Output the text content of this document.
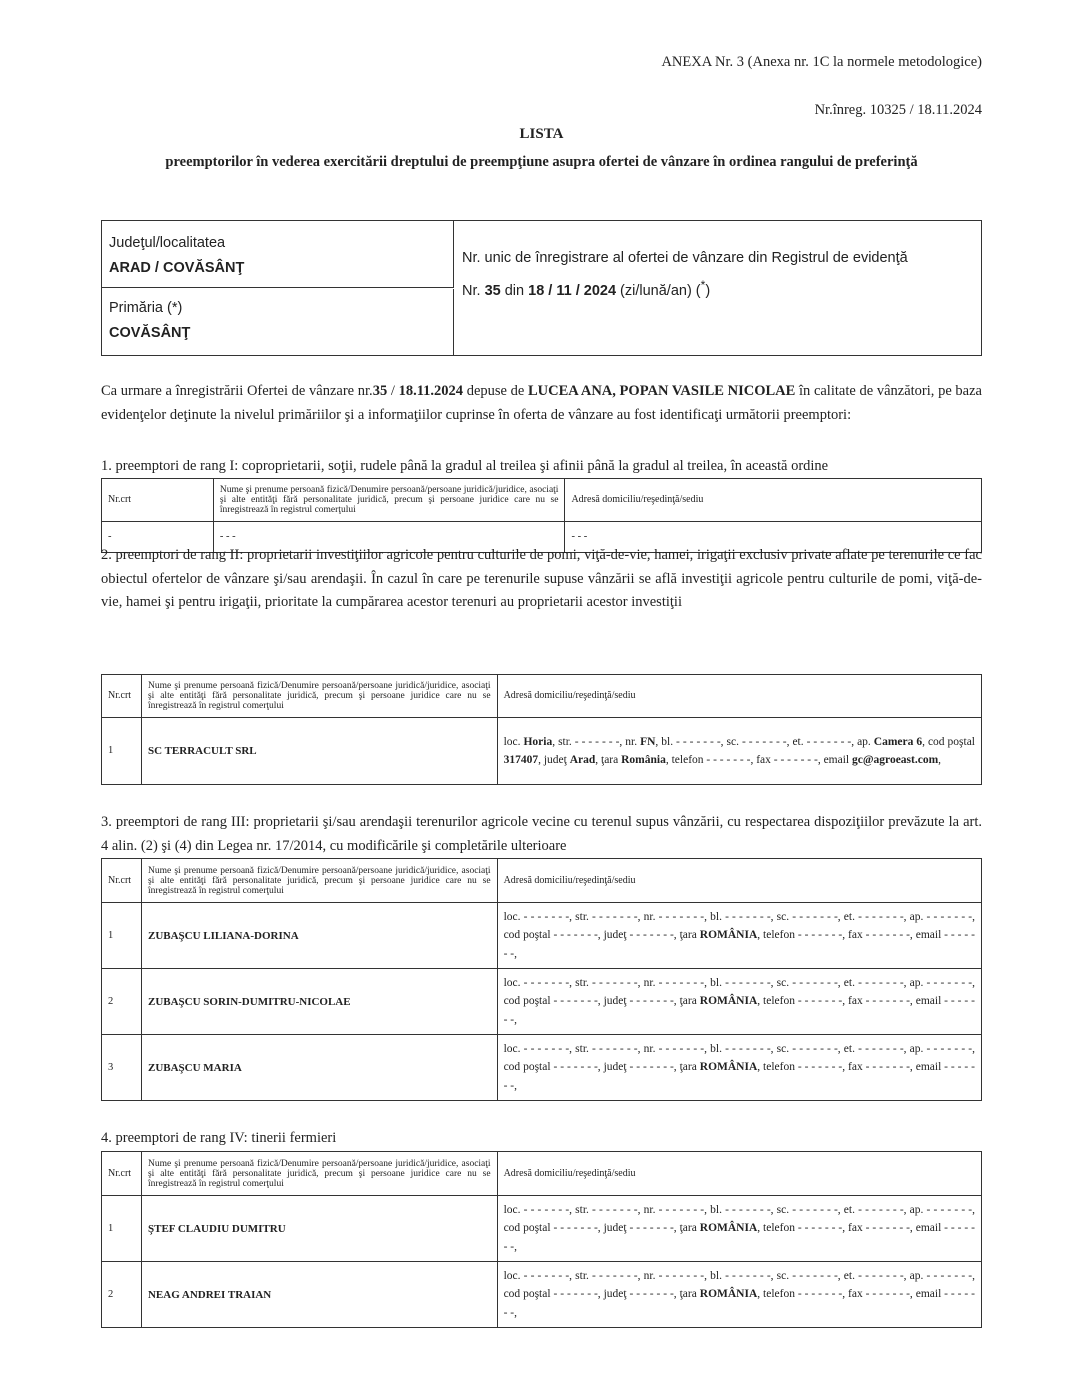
ANEXA Nr. 3 (Anexa nr. 1C la normele metodologice)
Nr.înreg. 10325 / 18.11.2024
LISTA
preemptorilor în vederea exercitării dreptului de preempţiune asupra ofertei de vânzare în ordinea rangului de preferinţă
Judeţul/localitatea
ARAD / COVĂSÂNŢ
Primăria (*)
COVĂSÂNŢ
Nr. unic de înregistrare al ofertei de vânzare din Registrul de evidenţă
Nr. 35 din 18 / 11 / 2024 (zi/lună/an) (*)
Ca urmare a înregistrării Ofertei de vânzare nr.35 / 18.11.2024 depuse de LUCEA ANA, POPAN VASILE NICOLAE în calitate de vânzători, pe baza evidenţelor deţinute la nivelul primăriilor şi a informaţiilor cuprinse în oferta de vânzare au fost identificaţi următorii preemptori:
1. preemptori de rang I: coproprietarii, soţii, rudele până la gradul al treilea şi afinii până la gradul al treilea, în această ordine
Nr.crt	Nume şi prenume persoană fizică/Denumire persoană/persoane juridică/juridice, asociaţi şi alte entităţi fără personalitate juridică, precum şi persoane juridice care nu se înregistrează în registrul comerţului	Adresă domiciliu/reşedinţă/sediu
-	- - -	- - -
2. preemptori de rang II: proprietarii investiţiilor agricole pentru culturile de pomi, viţă-de-vie, hamei, irigaţii exclusiv private aflate pe terenurile ce fac obiectul ofertelor de vânzare şi/sau arendaşii. În cazul în care pe terenurile supuse vânzării se află investiţii agricole pentru culturile de pomi, viţă-de-vie, hamei şi pentru irigaţii, prioritate la cumpărarea acestor terenuri au proprietarii acestor investiţii
Nr.crt	Nume şi prenume persoană fizică/Denumire persoană/persoane juridică/juridice, asociaţi şi alte entităţi fără personalitate juridică, precum şi persoane juridice care nu se înregistrează în registrul comerţului	Adresă domiciliu/reşedinţă/sediu
1	SC TERRACULT SRL	loc. Horia, str. - - - - - - -, nr. FN, bl. - - - - - - -, sc. - - - - - - -, et. - - - - - - -, ap. Camera 6, cod poştal 317407, judeţ Arad, ţara România, telefon - - - - - - -, fax - - - - - - -, email gc@agroeast.com,
3. preemptori de rang III: proprietarii şi/sau arendaşii terenurilor agricole vecine cu terenul supus vânzării, cu respectarea dispoziţiilor prevăzute la art. 4 alin. (2) şi (4) din Legea nr. 17/2014, cu modificările şi completările ulterioare
Nr.crt	Nume şi prenume persoană fizică/Denumire persoană/persoane juridică/juridice, asociaţi şi alte entităţi fără personalitate juridică, precum şi persoane juridice care nu se înregistrează în registrul comerţului	Adresă domiciliu/reşedinţă/sediu
1	ZUBAŞCU LILIANA-DORINA	loc. - - - - - - -, str. - - - - - - -, nr. - - - - - - -, bl. - - - - - - -, sc. - - - - - - -, et. - - - - - - -, ap. - - - - - - -, cod poştal - - - - - - -, judeţ - - - - - - -, ţara ROMÂNIA, telefon - - - - - - -, fax - - - - - - -, email - - - - - - -,
2	ZUBAŞCU SORIN-DUMITRU-NICOLAE	loc. - - - - - - -, str. - - - - - - -, nr. - - - - - - -, bl. - - - - - - -, sc. - - - - - - -, et. - - - - - - -, ap. - - - - - - -, cod poştal - - - - - - -, judeţ - - - - - - -, ţara ROMÂNIA, telefon - - - - - - -, fax - - - - - - -, email - - - - - - -,
3	ZUBAŞCU MARIA	loc. - - - - - - -, str. - - - - - - -, nr. - - - - - - -, bl. - - - - - - -, sc. - - - - - - -, et. - - - - - - -, ap. - - - - - - -, cod poştal - - - - - - -, judeţ - - - - - - -, ţara ROMÂNIA, telefon - - - - - - -, fax - - - - - - -, email - - - - - - -,
4. preemptori de rang IV: tinerii fermieri
Nr.crt	Nume şi prenume persoană fizică/Denumire persoană/persoane juridică/juridice, asociaţi şi alte entităţi fără personalitate juridică, precum şi persoane juridice care nu se înregistrează în registrul comerţului	Adresă domiciliu/reşedinţă/sediu
1	ŞTEF CLAUDIU DUMITRU	loc. - - - - - - -, str. - - - - - - -, nr. - - - - - - -, bl. - - - - - - -, sc. - - - - - - -, et. - - - - - - -, ap. - - - - - - -, cod poştal - - - - - - -, judeţ - - - - - - -, ţara ROMÂNIA, telefon - - - - - - -, fax - - - - - - -, email - - - - - - -,
2	NEAG ANDREI TRAIAN	loc. - - - - - - -, str. - - - - - - -, nr. - - - - - - -, bl. - - - - - - -, sc. - - - - - - -, et. - - - - - - -, ap. - - - - - - -, cod poştal - - - - - - -, judeţ - - - - - - -, ţara ROMÂNIA, telefon - - - - - - -, fax - - - - - - -, email - - - - - - -,
